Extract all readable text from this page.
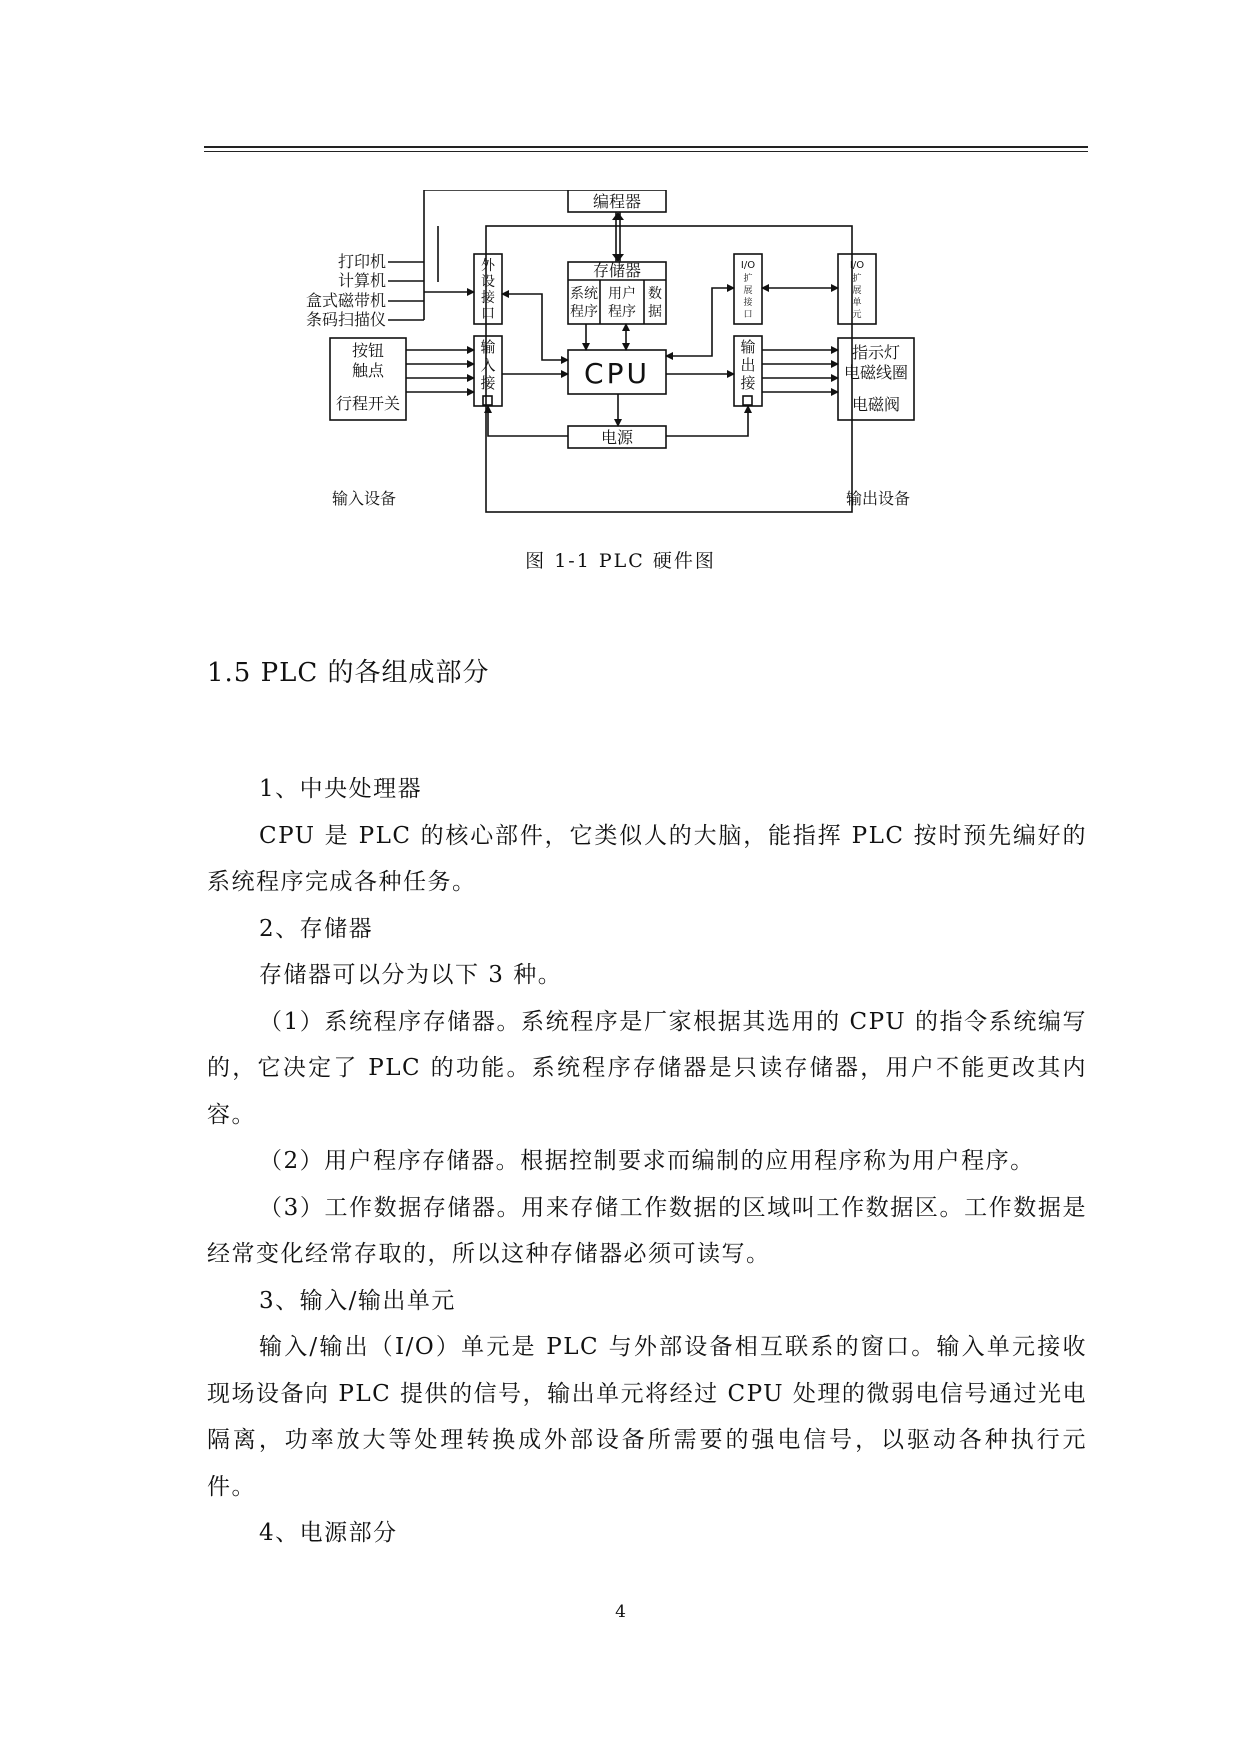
编程器
存储器
系统
程序
用户
程序
数
据
外
设
接
口
I/O
扩
展
接
口
I/O
扩
展
单
元
输
入
接
输
出
接
CPU
电源
打印机
计算机
盒式磁带机
条码扫描仪
按钮
触点
行程开关
指示灯
电磁线圈
电磁阀
输入设备	输出设备
图 1-1 PLC 硬件图
1.5 PLC 的各组成部分

1、中央处理器

CPU 是 PLC 的核心部件，它类似人的大脑，能指挥 PLC 按时预先编好的系统程序完成各种任务。

2、存储器

存储器可以分为以下 3 种。

（1）系统程序存储器。系统程序是厂家根据其选用的 CPU 的指令系统编写的，它决定了 PLC 的功能。系统程序存储器是只读存储器，用户不能更改其内容。

（2）用户程序存储器。根据控制要求而编制的应用程序称为用户程序。

（3）工作数据存储器。用来存储工作数据的区域叫工作数据区。工作数据是经常变化经常存取的，所以这种存储器必须可读写。

3、输入/输出单元

输入/输出（I/O）单元是 PLC 与外部设备相互联系的窗口。输入单元接收现场设备向 PLC 提供的信号，输出单元将经过 CPU 处理的微弱电信号通过光电隔离，功率放大等处理转换成外部设备所需要的强电信号，以驱动各种执行元件。

4、电源部分

4
